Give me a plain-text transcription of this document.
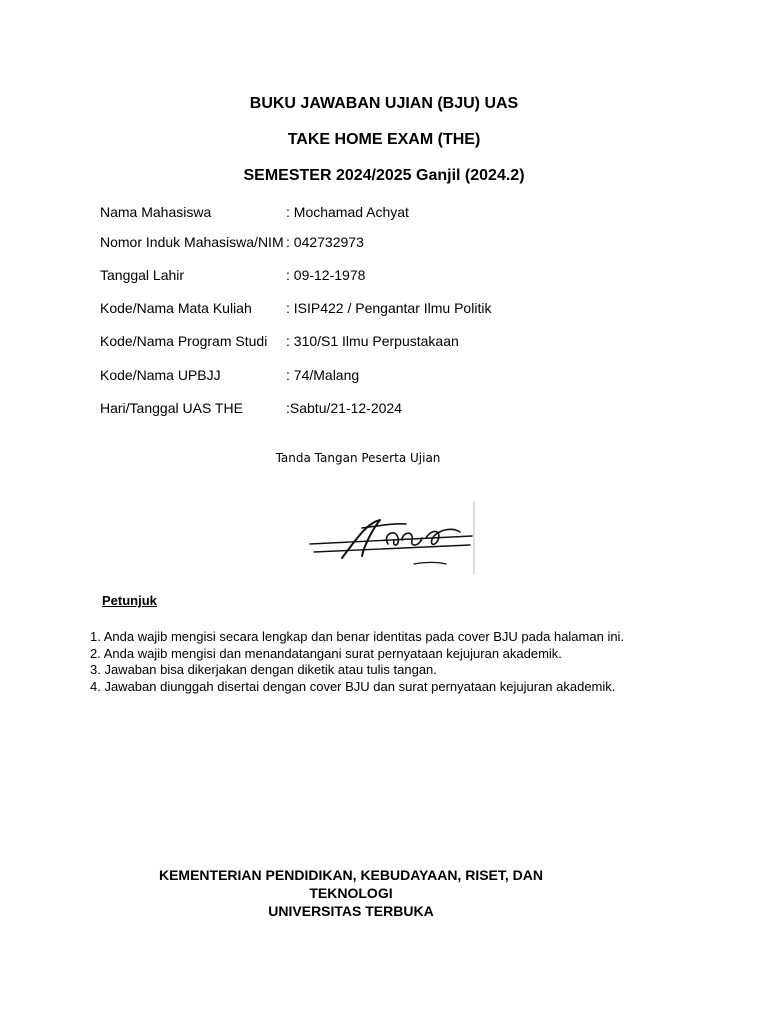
BUKU JAWABAN UJIAN (BJU) UAS
TAKE HOME EXAM (THE)
SEMESTER 2024/2025 Ganjil (2024.2)
Nama Mahasiswa	: Mochamad Achyat
Nomor Induk Mahasiswa/NIM : 042732973
Tanggal Lahir	: 09-12-1978
Kode/Nama Mata Kuliah : ISIP422 / Pengantar Ilmu Politik
Kode/Nama Program Studi : 310/S1 Ilmu Perpustakaan
Kode/Nama UPBJJ	: 74/Malang
Hari/Tanggal UAS THE	:Sabtu/21-12-2024
Tanda Tangan Peserta Ujian
Petunjuk
1. Anda wajib mengisi secara lengkap dan benar identitas pada cover BJU pada halaman ini.
2. Anda wajib mengisi dan menandatangani surat pernyataan kejujuran akademik.
3. Jawaban bisa dikerjakan dengan diketik atau tulis tangan.
4. Jawaban diunggah disertai dengan cover BJU dan surat pernyataan kejujuran akademik.
KEMENTERIAN PENDIDIKAN, KEBUDAYAAN, RISET, DAN
TEKNOLOGI
UNIVERSITAS TERBUKA
